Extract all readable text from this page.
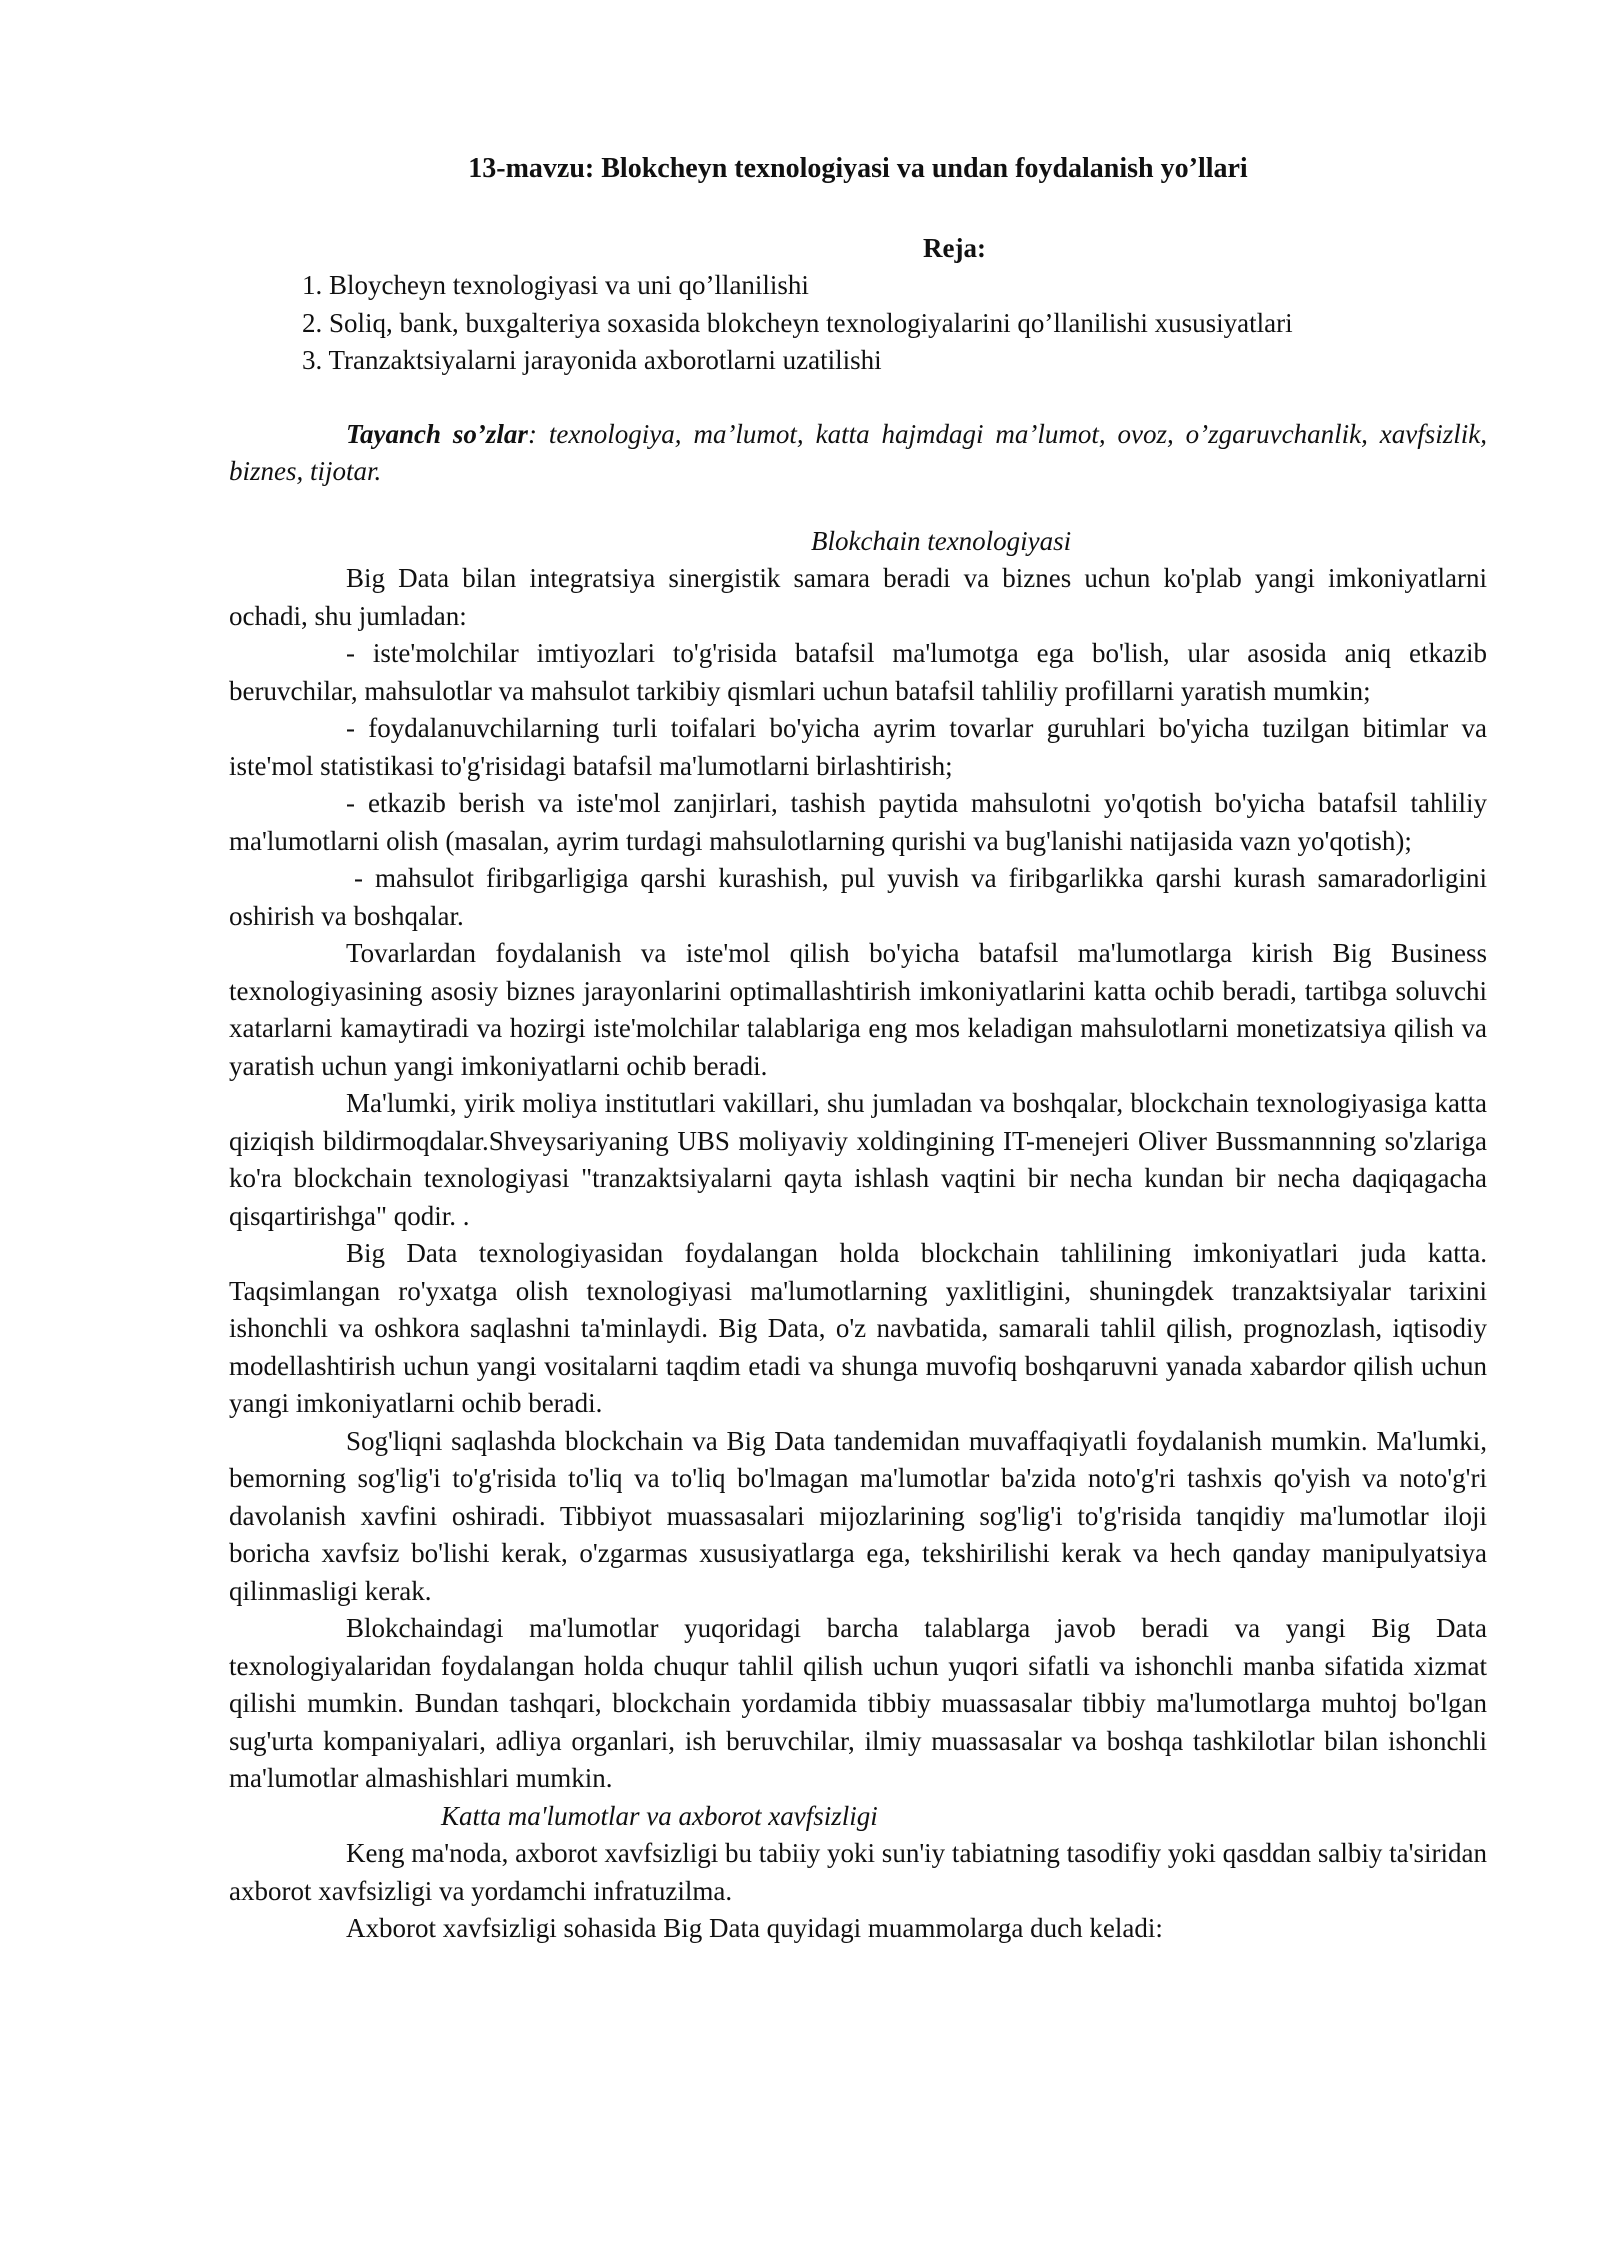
13-mavzu: Blokcheyn texnologiyasi va undan foydalanish yo’llari

Reja:

1. Bloycheyn texnologiyasi va uni qo’llanilishi
2. Soliq, bank, buxgalteriya soxasida blokcheyn texnologiyalarini qo’llanilishi xususiyatlari
3. Tranzaktsiyalarni jarayonida axborotlarni uzatilishi

Tayanch so’zlar: texnologiya, ma’lumot, katta hajmdagi ma’lumot, ovoz, o’zgaruvchanlik, xavfsizlik, biznes, tijotar.

Blokchain texnologiyasi

Big Data bilan integratsiya sinergistik samara beradi va biznes uchun ko'plab yangi imkoniyatlarni ochadi, shu jumladan:

- iste'molchilar imtiyozlari to'g'risida batafsil ma'lumotga ega bo'lish, ular asosida aniq etkazib beruvchilar, mahsulotlar va mahsulot tarkibiy qismlari uchun batafsil tahliliy profillarni yaratish mumkin;

- foydalanuvchilarning turli toifalari bo'yicha ayrim tovarlar guruhlari bo'yicha tuzilgan bitimlar va iste'mol statistikasi to'g'risidagi batafsil ma'lumotlarni birlashtirish;

- etkazib berish va iste'mol zanjirlari, tashish paytida mahsulotni yo'qotish bo'yicha batafsil tahliliy ma'lumotlarni olish (masalan, ayrim turdagi mahsulotlarning qurishi va bug'lanishi natijasida vazn yo'qotish);

- mahsulot firibgarligiga qarshi kurashish, pul yuvish va firibgarlikka qarshi kurash samaradorligini oshirish va boshqalar.

Tovarlardan foydalanish va iste'mol qilish bo'yicha batafsil ma'lumotlarga kirish Big Business texnologiyasining asosiy biznes jarayonlarini optimallashtirish imkoniyatlarini katta ochib beradi, tartibga soluvchi xatarlarni kamaytiradi va hozirgi iste'molchilar talablariga eng mos keladigan mahsulotlarni monetizatsiya qilish va yaratish uchun yangi imkoniyatlarni ochib beradi.

Ma'lumki, yirik moliya institutlari vakillari, shu jumladan va boshqalar, blockchain texnologiyasiga katta qiziqish bildirmoqdalar.Shveysariyaning UBS moliyaviy xoldingining IT-menejeri Oliver Bussmannning so'zlariga ko'ra blockchain texnologiyasi "tranzaktsiyalarni qayta ishlash vaqtini bir necha kundan bir necha daqiqagacha qisqartirishga" qodir. .

Big Data texnologiyasidan foydalangan holda blockchain tahlilining imkoniyatlari juda katta. Taqsimlangan ro'yxatga olish texnologiyasi ma'lumotlarning yaxlitligini, shuningdek tranzaktsiyalar tarixini ishonchli va oshkora saqlashni ta'minlaydi. Big Data, o'z navbatida, samarali tahlil qilish, prognozlash, iqtisodiy modellashtirish uchun yangi vositalarni taqdim etadi va shunga muvofiq boshqaruvni yanada xabardor qilish uchun yangi imkoniyatlarni ochib beradi.

Sog'liqni saqlashda blockchain va Big Data tandemidan muvaffaqiyatli foydalanish mumkin. Ma'lumki, bemorning sog'lig'i to'g'risida to'liq va to'liq bo'lmagan ma'lumotlar ba'zida noto'g'ri tashxis qo'yish va noto'g'ri davolanish xavfini oshiradi. Tibbiyot muassasalari mijozlarining sog'lig'i to'g'risida tanqidiy ma'lumotlar iloji boricha xavfsiz bo'lishi kerak, o'zgarmas xususiyatlarga ega, tekshirilishi kerak va hech qanday manipulyatsiya qilinmasligi kerak.

Blokchaindagi ma'lumotlar yuqoridagi barcha talablarga javob beradi va yangi Big Data texnologiyalaridan foydalangan holda chuqur tahlil qilish uchun yuqori sifatli va ishonchli manba sifatida xizmat qilishi mumkin. Bundan tashqari, blockchain yordamida tibbiy muassasalar tibbiy ma'lumotlarga muhtoj bo'lgan sug'urta kompaniyalari, adliya organlari, ish beruvchilar, ilmiy muassasalar va boshqa tashkilotlar bilan ishonchli ma'lumotlar almashishlari mumkin.

Katta ma'lumotlar va axborot xavfsizligi

Keng ma'noda, axborot xavfsizligi bu tabiiy yoki sun'iy tabiatning tasodifiy yoki qasddan salbiy ta'siridan axborot xavfsizligi va yordamchi infratuzilma.

Axborot xavfsizligi sohasida Big Data quyidagi muammolarga duch keladi:
